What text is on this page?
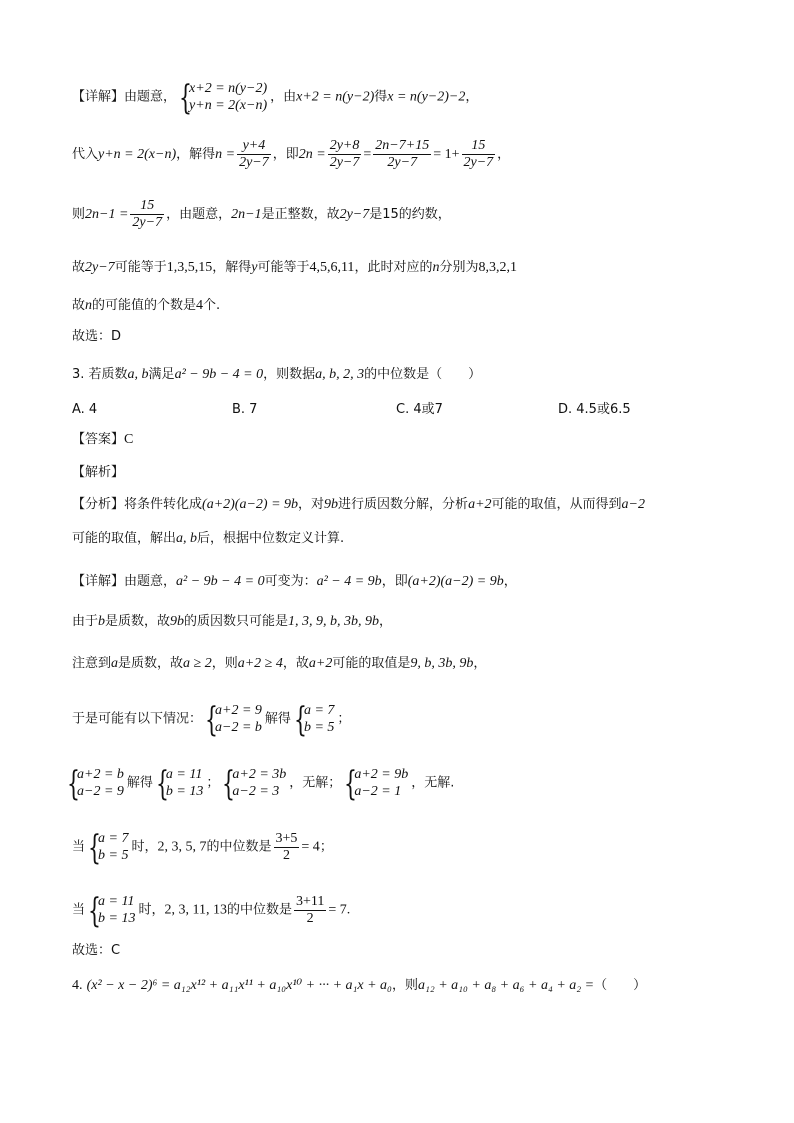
【详解】由题意， {
x+2 = n(y−2)
y+n = 2(x−n)
，由x+2 = n(y−2)得x = n(y−2)−2，
代入y+n = 2(x−n)，解得$n = \frac{y+4}{2y-7}$ ，即$2n = \frac{2y+8}{2y-7} = \frac{2n-7+15}{2y-7} = 1+ \frac{15}{2y-7}$ ，
则$2n-1 = \frac{15}{2y-7}$ ，由题意，2n−1是正整数，故2y−7是15的约数，
故2y−7可能等于1,3,5,15，解得y可能等于4,5,6,11，此时对应的n分别为8,3,2,1
故n的可能值的个数是4个.
故选：D
3. 若质数a, b满足a² − 9b − 4 = 0，则数据a, b, 2, 3的中位数是（　　）
A. 4	B. 7	C. 4或7	D. 4.5或6.5
【答案】C
【解析】
【分析】将条件转化成(a+2)(a−2) = 9b，对9b进行质因数分解，分析a+2可能的取值，从而得到a−2
可能的取值，解出a, b后，根据中位数定义计算.
【详解】由题意，a² − 9b − 4 = 0可变为：a² − 4 = 9b，即(a+2)(a−2) = 9b，
由于b是质数，故9b的质因数只可能是1, 3, 9, b, 3b, 9b，
注意到a是质数，故a ≥ 2，则a+2 ≥ 4，故a+2可能的取值是9, b, 3b, 9b，
于是可能有以下情况： {
a+2 = 9
a−2 = b
解得 {
a = 7
b = 5
；
{
a+2 = b
a−2 = 9
解得 {
a = 11
b = 13
； {
a+2 = 3b
a−2 = 3
，无解； {
a+2 = 9b
a−2 = 1
，无解.
当 {
a = 7
b = 5
时，2, 3, 5, 7的中位数是 $\frac{3+5}{2} = 4$；
当 {
a = 11
b = 13
时，2, 3, 11, 13的中位数是 $\frac{3+11}{2} = 7$.
故选：C
4. (x² − x − 2)⁶ = a₁₂x¹² + a₁₁x¹¹ + a₁₀x¹⁰ + ··· + a₁x + a₀，则a₁₂ + a₁₀ + a₈ + a₆ + a₄ + a₂ =（　　）
